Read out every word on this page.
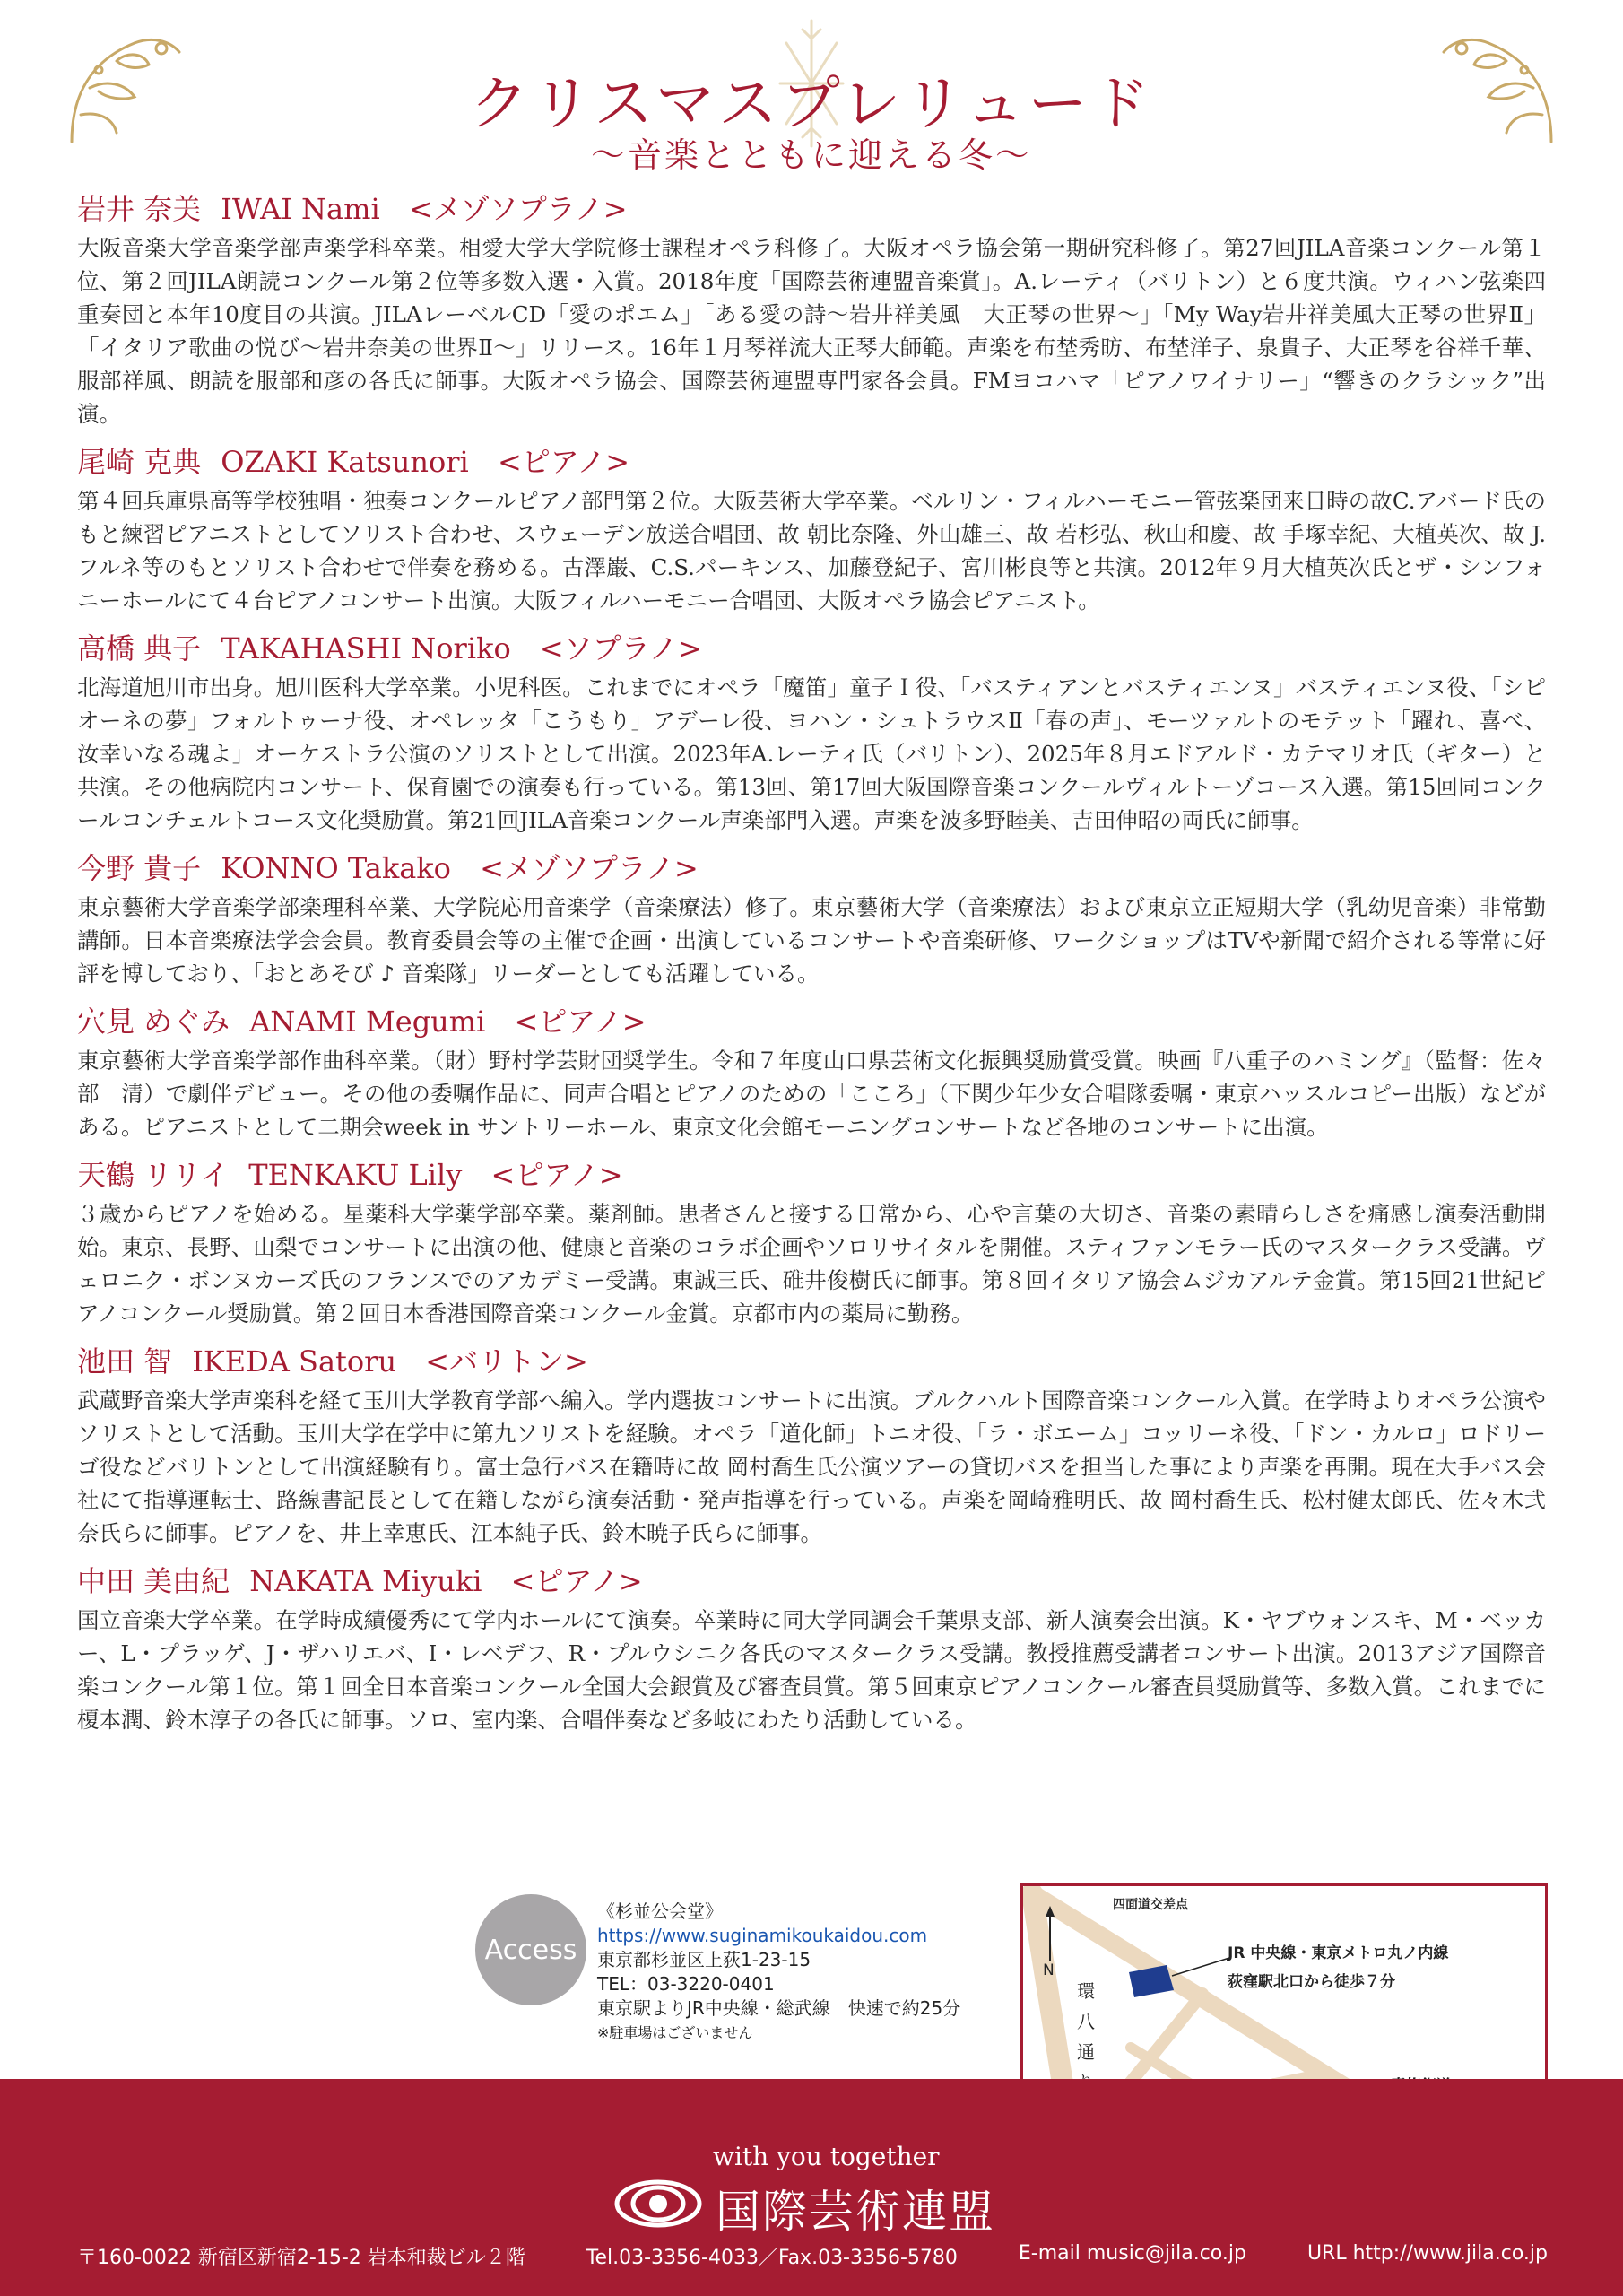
クリスマスプレリュード
〜音楽とともに迎える冬〜
岩井 奈美 IWAI Nami <メゾソプラノ>

大阪音楽大学音楽学部声楽学科卒業。相愛大学大学院修士課程オペラ科修了。大阪オペラ協会第一期研究科修了。第27回JILA音楽コンクール第１位、第２回JILA朗読コンクール第２位等多数入選・入賞。2018年度「国際芸術連盟音楽賞」。A.レーティ（バリトン）と６度共演。ウィハン弦楽四重奏団と本年10度目の共演。JILAレーベルCD「愛のポエム」「ある愛の詩〜岩井祥美風　大正琴の世界〜」「My Way岩井祥美風大正琴の世界Ⅱ」「イタリア歌曲の悦び〜岩井奈美の世界Ⅱ〜」リリース。16年１月琴祥流大正琴大師範。声楽を布埜秀昉、布埜洋子、泉貴子、大正琴を谷祥千華、服部祥風、朗読を服部和彦の各氏に師事。大阪オペラ協会、国際芸術連盟専門家各会員。FMヨコハマ「ピアノワイナリー」“響きのクラシック”出演。

尾崎 克典 OZAKI Katsunori <ピアノ>

第４回兵庫県高等学校独唱・独奏コンクールピアノ部門第２位。大阪芸術大学卒業。ベルリン・フィルハーモニー管弦楽団来日時の故C.アバード氏のもと練習ピアニストとしてソリスト合わせ、スウェーデン放送合唱団、故 朝比奈隆、外山雄三、故 若杉弘、秋山和慶、故 手塚幸紀、大植英次、故 J.フルネ等のもとソリスト合わせで伴奏を務める。古澤巌、C.S.パーキンス、加藤登紀子、宮川彬良等と共演。2012年９月大植英次氏とザ・シンフォニーホールにて４台ピアノコンサート出演。大阪フィルハーモニー合唱団、大阪オペラ協会ピアニスト。

高橋 典子 TAKAHASHI Noriko <ソプラノ>

北海道旭川市出身。旭川医科大学卒業。小児科医。これまでにオペラ「魔笛」童子Ｉ役、「バスティアンとバスティエンヌ」バスティエンヌ役、「シピオーネの夢」フォルトゥーナ役、オペレッタ「こうもり」アデーレ役、ヨハン・シュトラウスⅡ「春の声」、モーツァルトのモテット「躍れ、喜べ、汝幸いなる魂よ」オーケストラ公演のソリストとして出演。2023年A.レーティ氏（バリトン）、2025年８月エドアルド・カテマリオ氏（ギター）と共演。その他病院内コンサート、保育園での演奏も行っている。第13回、第17回大阪国際音楽コンクールヴィルトーゾコース入選。第15回同コンクールコンチェルトコース文化奨励賞。第21回JILA音楽コンクール声楽部門入選。声楽を波多野睦美、吉田伸昭の両氏に師事。

今野 貴子 KONNO Takako <メゾソプラノ>

東京藝術大学音楽学部楽理科卒業、大学院応用音楽学（音楽療法）修了。東京藝術大学（音楽療法）および東京立正短期大学（乳幼児音楽）非常勤講師。日本音楽療法学会会員。教育委員会等の主催で企画・出演しているコンサートや音楽研修、ワークショップはTVや新聞で紹介される等常に好評を博しており、「おとあそび ♪ 音楽隊」リーダーとしても活躍している。

穴見 めぐみ ANAMI Megumi <ピアノ>

東京藝術大学音楽学部作曲科卒業。（財）野村学芸財団奨学生。令和７年度山口県芸術文化振興奨励賞受賞。映画『八重子のハミング』（監督：佐々部　清）で劇伴デビュー。その他の委嘱作品に、同声合唱とピアノのための「こころ」（下関少年少女合唱隊委嘱・東京ハッスルコピー出版）などがある。ピアニストとして二期会week in サントリーホール、東京文化会館モーニングコンサートなど各地のコンサートに出演。

天鶴 リリイ TENKAKU Lily <ピアノ>

３歳からピアノを始める。星薬科大学薬学部卒業。薬剤師。患者さんと接する日常から、心や言葉の大切さ、音楽の素晴らしさを痛感し演奏活動開始。東京、長野、山梨でコンサートに出演の他、健康と音楽のコラボ企画やソロリサイタルを開催。スティファンモラー氏のマスタークラス受講。ヴェロニク・ボンヌカーズ氏のフランスでのアカデミー受講。東誠三氏、碓井俊樹氏に師事。第８回イタリア協会ムジカアルテ金賞。第15回21世紀ピアノコンクール奨励賞。第２回日本香港国際音楽コンクール金賞。京都市内の薬局に勤務。

池田 智 IKEDA Satoru <バリトン>

武蔵野音楽大学声楽科を経て玉川大学教育学部へ編入。学内選抜コンサートに出演。ブルクハルト国際音楽コンクール入賞。在学時よりオペラ公演やソリストとして活動。玉川大学在学中に第九ソリストを経験。オペラ「道化師」トニオ役、「ラ・ボエーム」コッリーネ役、「ドン・カルロ」ロドリーゴ役などバリトンとして出演経験有り。富士急行バス在籍時に故 岡村喬生氏公演ツアーの貸切バスを担当した事により声楽を再開。現在大手バス会社にて指導運転士、路線書記長として在籍しながら演奏活動・発声指導を行っている。声楽を岡崎雅明氏、故 岡村喬生氏、松村健太郎氏、佐々木弐奈氏らに師事。ピアノを、井上幸恵氏、江本純子氏、鈴木暁子氏らに師事。

中田 美由紀 NAKATA Miyuki <ピアノ>

国立音楽大学卒業。在学時成績優秀にて学内ホールにて演奏。卒業時に同大学同調会千葉県支部、新人演奏会出演。K・ヤブウォンスキ、M・ベッカー、L・プラッゲ、J・ザハリエバ、I・レベデフ、R・プルウシニク各氏のマスタークラス受講。教授推薦受講者コンサート出演。2013アジア国際音楽コンクール第１位。第１回全日本音楽コンクール全国大会銀賞及び審査員賞。第５回東京ピアノコンクール審査員奨励賞等、多数入賞。これまでに榎本潤、鈴木淳子の各氏に師事。ソロ、室内楽、合唱伴奏など多岐にわたり活動している。

Access
《杉並公会堂》
https://www.suginamikoukaidou.com
東京都杉並区上荻1-23-15
TEL：03-3220-0401
東京駅よりJR中央線・総武線　快速で約25分
※駐車場はございません
N
四面道交差点
JR 中央線・東京メトロ丸ノ内線
荻窪駅北口から徒歩７分
環
八
通
with you together
国際芸術連盟
〒160-0022 新宿区新宿2-15-2 岩本和裁ビル２階	Tel.03-3356-4033／Fax.03-3356-5780	E-mail music@jila.co.jp	URL http://www.jila.co.jp
